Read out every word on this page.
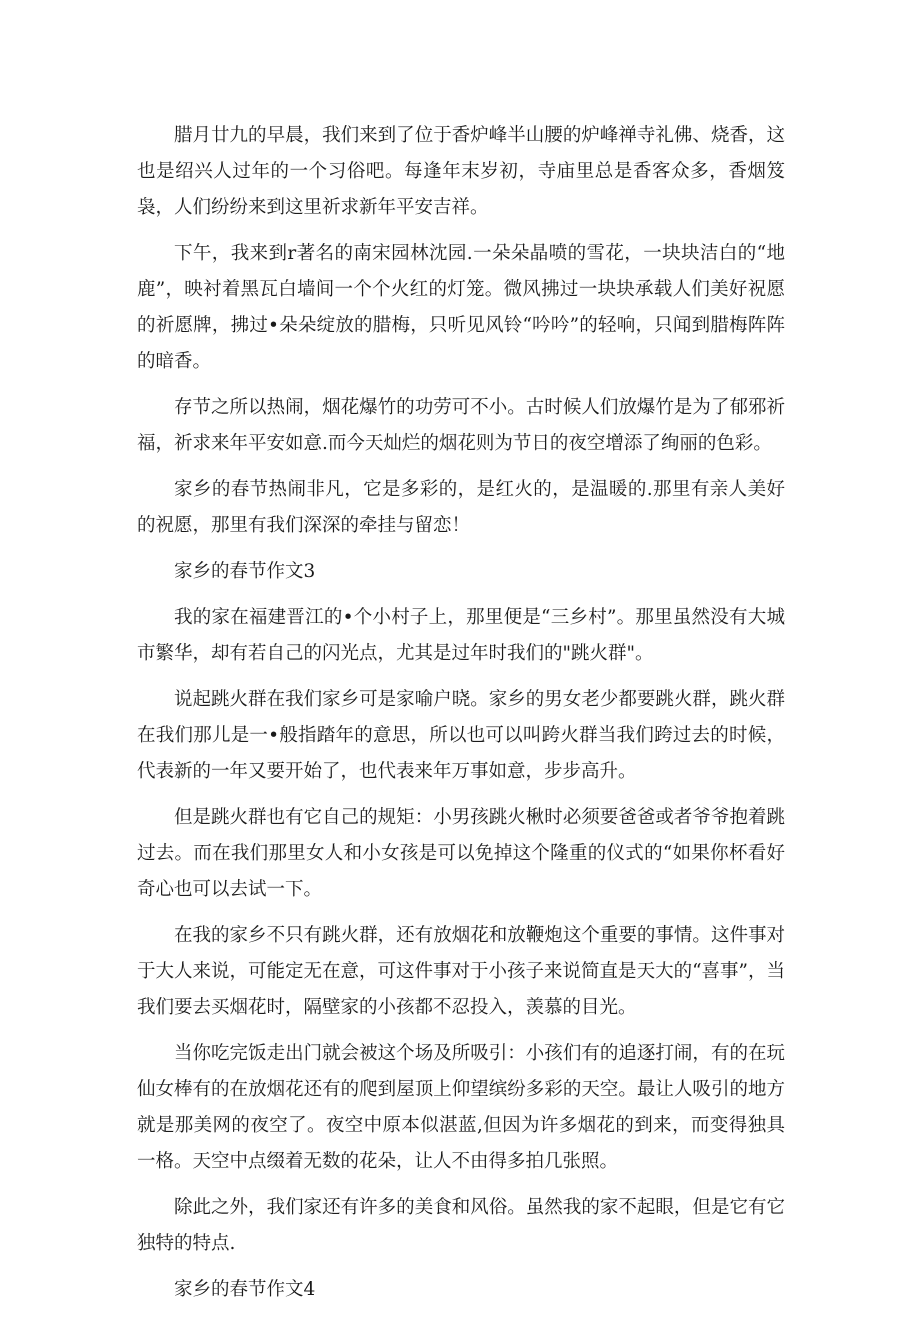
腊月廿九的早晨，我们来到了位于香炉峰半山腰的炉峰禅寺礼佛、烧香，这也是绍兴人过年的一个习俗吧。每逢年末岁初，寺庙里总是香客众多，香烟笈袅，人们纷纷来到这里祈求新年平安吉祥。

下午，我来到r著名的南宋园林沈园.一朵朵晶喷的雪花，一块块洁白的“地鹿”，映衬着黑瓦白墙间一个个火红的灯笼。微风拂过一块块承载人们美好祝愿的祈愿牌，拂过•朵朵绽放的腊梅，只听见风铃“吟吟”的轻响，只闻到腊梅阵阵的暗香。

存节之所以热闹，烟花爆竹的功劳可不小。古时候人们放爆竹是为了郁邪祈福，祈求来年平安如意.而今天灿烂的烟花则为节日的夜空增添了绚丽的色彩。

家乡的春节热闹非凡，它是多彩的，是红火的，是温暖的.那里有亲人美好的祝愿，那里有我们深深的牵挂与留恋！

家乡的春节作文3

我的家在福建晋江的•个小村子上，那里便是“三乡村”。那里虽然没有大城市繁华，却有若自己的闪光点，尤其是过年时我们的"跳火群"。

说起跳火群在我们家乡可是家喻户晓。家乡的男女老少都要跳火群，跳火群在我们那儿是一•般指踏年的意思，所以也可以叫跨火群当我们跨过去的时候，代表新的一年又要开始了，也代表来年万事如意，步步高升。

但是跳火群也有它自己的规矩：小男孩跳火楸时必须要爸爸或者爷爷抱着跳过去。而在我们那里女人和小女孩是可以免掉这个隆重的仪式的“如果你杯看好奇心也可以去试一下。

在我的家乡不只有跳火群，还有放烟花和放鞭炮这个重要的事情。这件事对于大人来说，可能定无在意，可这件事对于小孩子来说简直是天大的“喜事”，当我们要去买烟花时，隔壁家的小孩都不忍投入，羡慕的目光。

当你吃完饭走出门就会被这个场及所吸引：小孩们有的追逐打闹，有的在玩仙女棒有的在放烟花还有的爬到屋顶上仰望缤纷多彩的天空。最让人吸引的地方就是那美网的夜空了。夜空中原本似湛蓝,但因为许多烟花的到来，而变得独具一格。天空中点缀着无数的花朵，让人不由得多拍几张照。

除此之外，我们家还有许多的美食和风俗。虽然我的家不起眼，但是它有它独特的特点.

家乡的春节作文4
